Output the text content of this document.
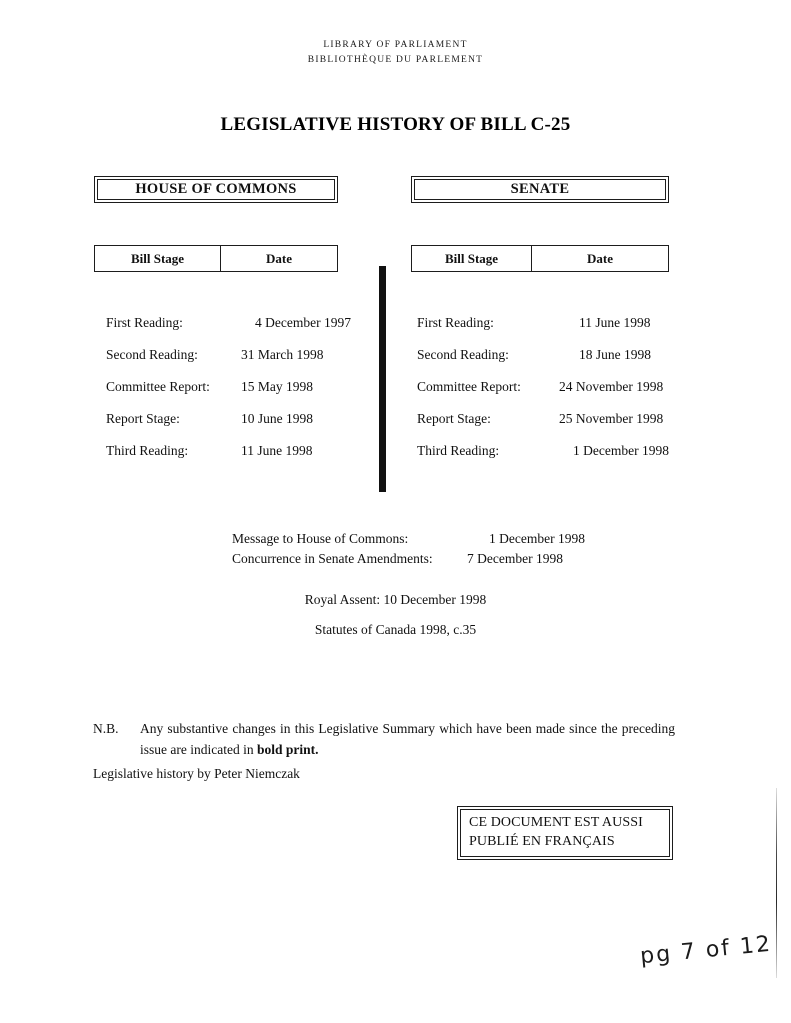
LIBRARY OF PARLIAMENT
BIBLIOTHÈQUE DU PARLEMENT
LEGISLATIVE HISTORY OF BILL C-25
HOUSE OF COMMONS	SENATE
Bill Stage	Date	Bill Stage	Date
First Reading:	4 December 1997
Second Reading:	31 March 1998
Committee Report:	15 May 1998
Report Stage:	10 June 1998
Third Reading:	11 June 1998
First Reading:	11 June 1998
Second Reading:	18 June 1998
Committee Report:	24 November 1998
Report Stage:	25 November 1998
Third Reading:	1 December 1998
Message to House of Commons:	1 December 1998
Concurrence in Senate Amendments:	7 December 1998
Royal Assent: 10 December 1998
Statutes of Canada 1998, c.35
N.B.	Any substantive changes in this Legislative Summary which have been made since the preceding issue are indicated in bold print.
Legislative history by Peter Niemczak
CE DOCUMENT EST AUSSI
PUBLIÉ EN FRANÇAIS
pg 7 of 12
